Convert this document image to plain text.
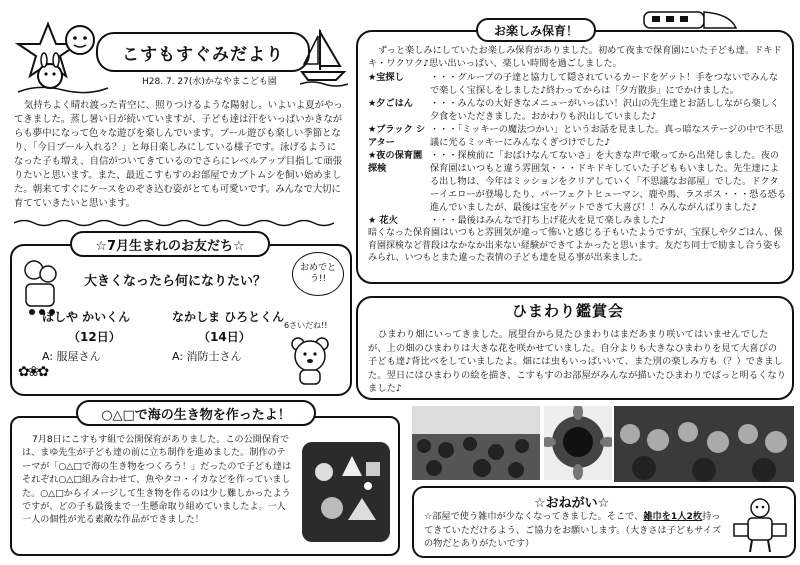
こすもすぐみだより
H28. 7. 27(水)かなやまこども園

気持ちよく晴れ渡った青空に、照りつけるような陽射し。いよいよ夏がやってきました。蒸し暑い日が続いていますが、子ども達は汗をいっぱいかきながらも夢中になって色々な遊びを楽しんでいます。プール遊びも楽しい季節となり、「今日プール入れる？」と毎日楽しみにしている様子です。泳げるようになった子も増え、自信がついてきているのでさらにレベルアップ目指して頑張りたいと思います。また、最近こすもすのお部屋でカブトムシを飼い始めました。朝来てすぐにケースをのぞき込む姿がとても可愛いです。みんなで大切に育てていきたいと思います。

大きくなったら何になりたい？
おめでとう!!
ほしや かいくん
（12日）
A: 服屋さん
なかしま ひろとくん
（14日）
A: 消防士さん
6さいだね!!
✿❀✿
☆7月生まれのお友だち☆

7月8日にこすもす組で公開保育がありました。この公開保育では、まゆ先生が子ども達の前に立ち制作を進めました。制作のテーマが「○△□で海の生き物をつくろう！」だったので子ども達はそれぞれ○△□組み合わせて、魚やタコ・イカなどを作っていました。○△□からイメージして生き物を作るのは少し難しかったようですが、どの子も最後まで一生懸命取り組めていましたよ。一人一人の個性が光る素敵な作品ができました！

○△□で海の生き物を作ったよ！

ずっと楽しみにしていたお楽しみ保育がありました。初めて夜まで保育園にいた子ども達。ドキドキ・ワクワク♪思い出いっぱい、楽しい時間を過ごしました。

★宝探し	・・・グループの子達と協力して隠されているカードをゲット！手をつないでみんなで楽しく宝探しをしました♪終わってからは「夕方散歩」にでかけました。
★夕ごはん	・・・みんなの大好きなメニューがいっぱい！沢山の先生達とお話ししながら楽しく夕食をいただきました。おかわりも沢山していました♪
★ブラック シアター
・・・「ミッキーの魔法つかい」というお話を見ました。真っ暗なステージの中で不思議に光るミッキーにみんなくぎづけでした♪
★夜の保育園 探検
・・・探検前に「おばけなんてないさ」を大きな声で歌ってから出発しました。夜の保育園はいつもと違う雰囲気・・・ドキドキしていた子どももいました。先生達による出し物は、今年はミッションをクリアしていく「不思議なお部屋」でした。ドクターイエローが登場したり、パーフェクトヒューマン、鹿や馬、ラスボス・・・恐る恐る進んでいましたが、最後は宝をゲットできて大喜び！！みんながんばりました♪
★ 花火	・・・最後はみんなで打ち上げ花火を見て楽しみました♪

暗くなった保育園はいつもと雰囲気が違って怖いと感じる子もいたようですが、宝探しや夕ごはん、保育園探検など普段はなかなか出来ない経験ができてよかったと思います。友だち同士で励まし合う姿もみられ、いつもとまた違った表情の子ども達を見る事が出来ました。

お楽しみ保育！

ひまわり畑にいってきました。展望台から見たひまわりはまだあまり咲いてはいませんでしたが、上の畑のひまわりは大きな花を咲かせていました。自分よりも大きなひまわりを見て大喜びの子ども達♪背比べをしていましたよ。畑には虫もいっぱいいて、また別の楽しみ方も（？）できました。翌日にはひまわりの絵を描き、こすもすのお部屋がみんなが描いたひまわりでぱっと明るくなりました♪

ひまわり鑑賞会
☆おねがい☆

☆部屋で使う雑巾が少なくなってきました。そこで、雑巾を1人2枚持ってきていただけるよう、ご協力をお願いします。（大きさは子どもサイズの物だとありがたいです）
